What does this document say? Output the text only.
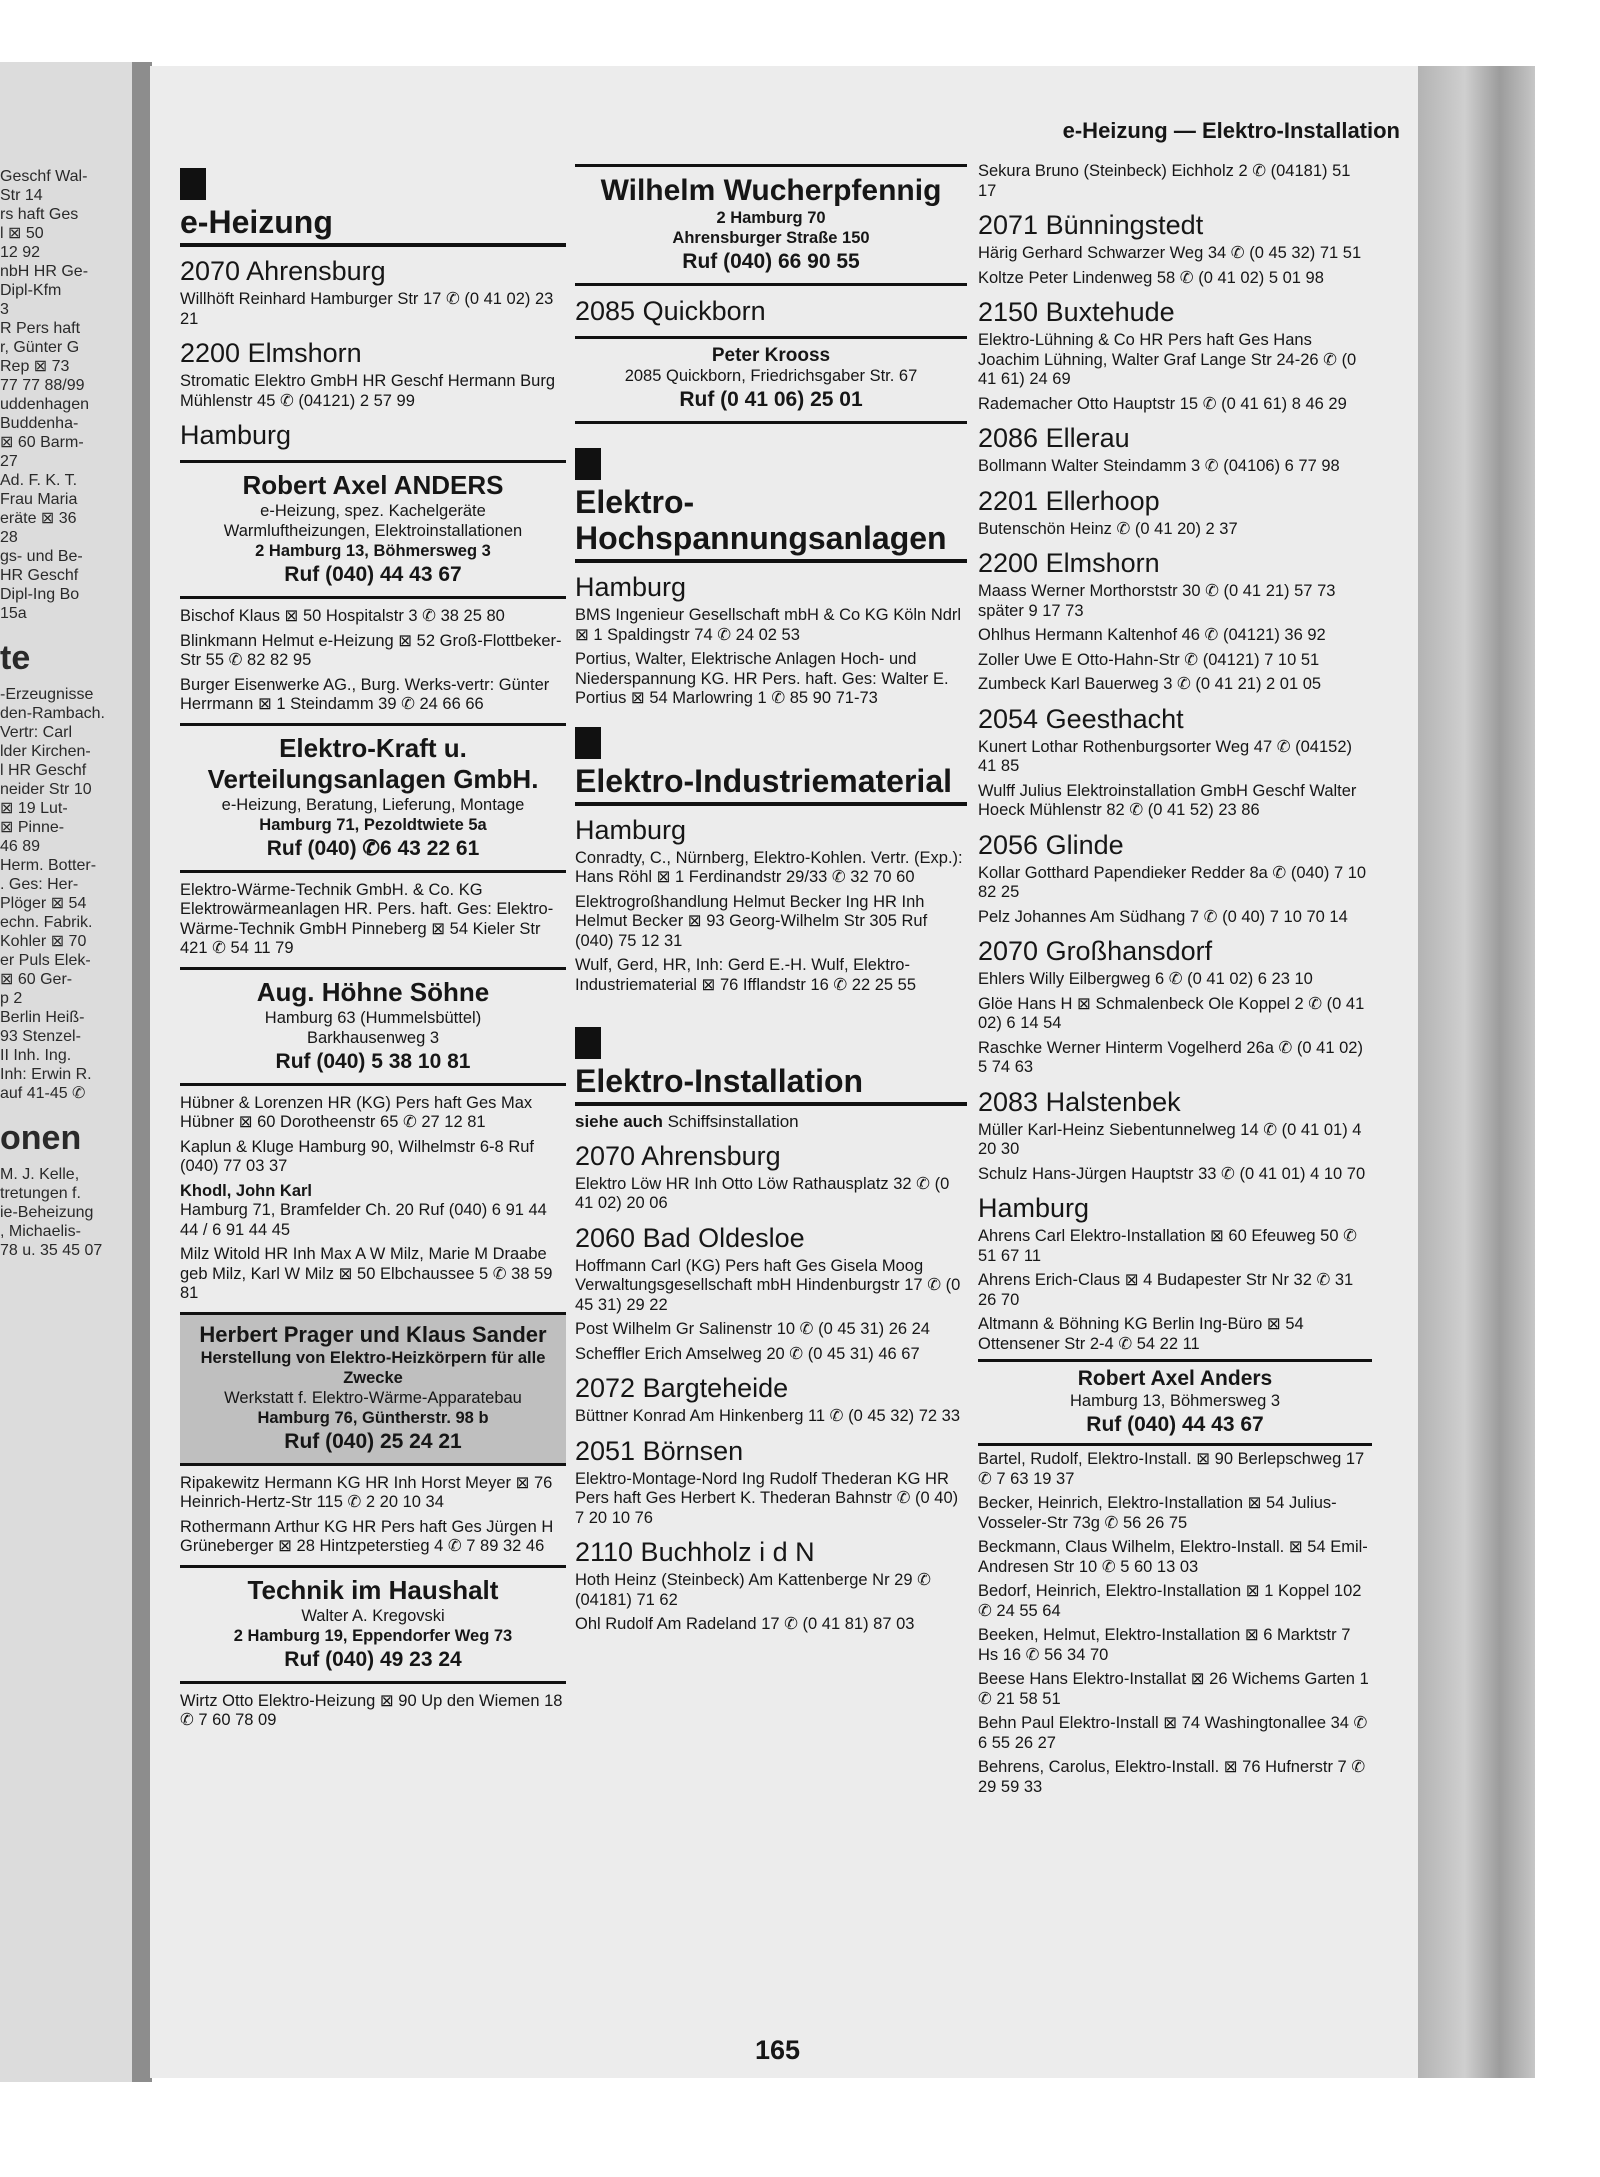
Geschf Wal-
Str 14
rs haft Ges
l ⊠ 50
12 92
nbH HR Ge-
Dipl-Kfm
3
R Pers haft
r, Günter G
Rep ⊠ 73
77 77 88/99
uddenhagen
Buddenha-
⊠ 60 Barm-
27
Ad. F. K. T.
Frau Maria
eräte ⊠ 36
28
gs- und Be-
HR Geschf
Dipl-Ing Bo
15a
te
-Erzeugnisse
den-Rambach.
Vertr: Carl
lder Kirchen-
l HR Geschf
neider Str 10
⊠ 19 Lut-
⊠ Pinne-
46 89
Herm. Botter-
. Ges: Her-
Plöger ⊠ 54
echn. Fabrik.
Kohler ⊠ 70
er Puls Elek-
⊠ 60 Ger-
p 2
Berlin Heiß-
93 Stenzel-
II Inh. Ing.
Inh: Erwin R.
auf 41-45 ✆
onen
M. J. Kelle,
tretungen f.
ie-Beheizung
, Michaelis-
78 u. 35 45 07
e-Heizung — Elektro-Installation
e-Heizung
2070 Ahrensburg
Willhöft Reinhard Hamburger Str 17 ✆ (0 41 02) 23 21
2200 Elmshorn
Stromatic Elektro GmbH HR Geschf Hermann Burg Mühlenstr 45 ✆ (04121) 2 57 99
Hamburg
Robert Axel ANDERS
e-Heizung, spez. Kachelgeräte
Warmluftheizungen, Elektroinstallationen
2 Hamburg 13, Böhmersweg 3
Ruf (040) 44 43 67
Bischof Klaus ⊠ 50 Hospitalstr 3 ✆ 38 25 80
Blinkmann Helmut e-Heizung ⊠ 52 Groß-Flottbeker-Str 55 ✆ 82 82 95
Burger Eisenwerke AG., Burg. Werks-vertr: Günter Herrmann ⊠ 1 Steindamm 39 ✆ 24 66 66
Elektro-Kraft u. Verteilungsanlagen GmbH.
e-Heizung, Beratung, Lieferung, Montage
Hamburg 71, Pezoldtwiete 5a
Ruf (040) ✆6 43 22 61
Elektro-Wärme-Technik GmbH. & Co. KG Elektrowärmeanlagen HR. Pers. haft. Ges: Elektro-Wärme-Technik GmbH Pinneberg ⊠ 54 Kieler Str 421 ✆ 54 11 79
Aug. Höhne Söhne
Hamburg 63 (Hummelsbüttel)
Barkhausenweg 3
Ruf (040) 5 38 10 81
Hübner & Lorenzen HR (KG) Pers haft Ges Max Hübner ⊠ 60 Dorotheenstr 65 ✆ 27 12 81
Kaplun & Kluge Hamburg 90, Wilhelmstr 6-8 Ruf (040) 77 03 37
Khodl, John Karl
Hamburg 71, Bramfelder Ch. 20 Ruf (040) 6 91 44 44 / 6 91 44 45
Milz Witold HR Inh Max A W Milz, Marie M Draabe geb Milz, Karl W Milz ⊠ 50 Elbchaussee 5 ✆ 38 59 81
Herbert Prager und Klaus Sander
Herstellung von Elektro-Heizkörpern für alle Zwecke
Werkstatt f. Elektro-Wärme-Apparatebau
Hamburg 76, Güntherstr. 98 b
Ruf (040) 25 24 21
Ripakewitz Hermann KG HR Inh Horst Meyer ⊠ 76 Heinrich-Hertz-Str 115 ✆ 2 20 10 34
Rothermann Arthur KG HR Pers haft Ges Jürgen H Grüneberger ⊠ 28 Hintzpeterstieg 4 ✆ 7 89 32 46
Technik im Haushalt
Walter A. Kregovski
2 Hamburg 19, Eppendorfer Weg 73
Ruf (040) 49 23 24
Wirtz Otto Elektro-Heizung ⊠ 90 Up den Wiemen 18 ✆ 7 60 78 09
Wilhelm Wucherpfennig
2 Hamburg 70
Ahrensburger Straße 150
Ruf (040) 66 90 55
2085 Quickborn
Peter Krooss
2085 Quickborn, Friedrichsgaber Str. 67
Ruf (0 41 06) 25 01
Elektro-Hochspannungsanlagen
Hamburg
BMS Ingenieur Gesellschaft mbH & Co KG Köln Ndrl ⊠ 1 Spaldingstr 74 ✆ 24 02 53
Portius, Walter, Elektrische Anlagen Hoch- und Niederspannung KG. HR Pers. haft. Ges: Walter E. Portius ⊠ 54 Marlowring 1 ✆ 85 90 71-73
Elektro-Industriematerial
Hamburg
Conradty, C., Nürnberg, Elektro-Kohlen. Vertr. (Exp.): Hans Röhl ⊠ 1 Ferdinandstr 29/33 ✆ 32 70 60
Elektrogroßhandlung Helmut Becker Ing HR Inh Helmut Becker ⊠ 93 Georg-Wilhelm Str 305 Ruf (040) 75 12 31
Wulf, Gerd, HR, Inh: Gerd E.-H. Wulf, Elektro-Industriematerial ⊠ 76 Ifflandstr 16 ✆ 22 25 55
Elektro-Installation
siehe auch Schiffsinstallation
2070 Ahrensburg
Elektro Löw HR Inh Otto Löw Rathausplatz 32 ✆ (0 41 02) 20 06
2060 Bad Oldesloe
Hoffmann Carl (KG) Pers haft Ges Gisela Moog Verwaltungsgesellschaft mbH Hindenburgstr 17 ✆ (0 45 31) 29 22
Post Wilhelm Gr Salinenstr 10 ✆ (0 45 31) 26 24
Scheffler Erich Amselweg 20 ✆ (0 45 31) 46 67
2072 Bargteheide
Büttner Konrad Am Hinkenberg 11 ✆ (0 45 32) 72 33
2051 Börnsen
Elektro-Montage-Nord Ing Rudolf Thederan KG HR Pers haft Ges Herbert K. Thederan Bahnstr ✆ (0 40) 7 20 10 76
2110 Buchholz i d N
Hoth Heinz (Steinbeck) Am Kattenberge Nr 29 ✆ (04181) 71 62
Ohl Rudolf Am Radeland 17 ✆ (0 41 81) 87 03
Sekura Bruno (Steinbeck) Eichholz 2 ✆ (04181) 51 17
2071 Bünningstedt
Härig Gerhard Schwarzer Weg 34 ✆ (0 45 32) 71 51
Koltze Peter Lindenweg 58 ✆ (0 41 02) 5 01 98
2150 Buxtehude
Elektro-Lühning & Co HR Pers haft Ges Hans Joachim Lühning, Walter Graf Lange Str 24-26 ✆ (0 41 61) 24 69
Rademacher Otto Hauptstr 15 ✆ (0 41 61) 8 46 29
2086 Ellerau
Bollmann Walter Steindamm 3 ✆ (04106) 6 77 98
2201 Ellerhoop
Butenschön Heinz ✆ (0 41 20) 2 37
2200 Elmshorn
Maass Werner Morthorststr 30 ✆ (0 41 21) 57 73 später 9 17 73
Ohlhus Hermann Kaltenhof 46 ✆ (04121) 36 92
Zoller Uwe E Otto-Hahn-Str ✆ (04121) 7 10 51
Zumbeck Karl Bauerweg 3 ✆ (0 41 21) 2 01 05
2054 Geesthacht
Kunert Lothar Rothenburgsorter Weg 47 ✆ (04152) 41 85
Wulff Julius Elektroinstallation GmbH Geschf Walter Hoeck Mühlenstr 82 ✆ (0 41 52) 23 86
2056 Glinde
Kollar Gotthard Papendieker Redder 8a ✆ (040) 7 10 82 25
Pelz Johannes Am Südhang 7 ✆ (0 40) 7 10 70 14
2070 Großhansdorf
Ehlers Willy Eilbergweg 6 ✆ (0 41 02) 6 23 10
Glöe Hans H ⊠ Schmalenbeck Ole Koppel 2 ✆ (0 41 02) 6 14 54
Raschke Werner Hinterm Vogelherd 26a ✆ (0 41 02) 5 74 63
2083 Halstenbek
Müller Karl-Heinz Siebentunnelweg 14 ✆ (0 41 01) 4 20 30
Schulz Hans-Jürgen Hauptstr 33 ✆ (0 41 01) 4 10 70
Hamburg
Ahrens Carl Elektro-Installation ⊠ 60 Efeuweg 50 ✆ 51 67 11
Ahrens Erich-Claus ⊠ 4 Budapester Str Nr 32 ✆ 31 26 70
Altmann & Böhning KG Berlin Ing-Büro ⊠ 54 Ottensener Str 2-4 ✆ 54 22 11
Robert Axel Anders
Hamburg 13, Böhmersweg 3
Ruf (040) 44 43 67
Bartel, Rudolf, Elektro-Install. ⊠ 90 Berlepschweg 17 ✆ 7 63 19 37
Becker, Heinrich, Elektro-Installation ⊠ 54 Julius-Vosseler-Str 73g ✆ 56 26 75
Beckmann, Claus Wilhelm, Elektro-Install. ⊠ 54 Emil-Andresen Str 10 ✆ 5 60 13 03
Bedorf, Heinrich, Elektro-Installation ⊠ 1 Koppel 102 ✆ 24 55 64
Beeken, Helmut, Elektro-Installation ⊠ 6 Marktstr 7 Hs 16 ✆ 56 34 70
Beese Hans Elektro-Installat ⊠ 26 Wichems Garten 1 ✆ 21 58 51
Behn Paul Elektro-Install ⊠ 74 Washingtonallee 34 ✆ 6 55 26 27
Behrens, Carolus, Elektro-Install. ⊠ 76 Hufnerstr 7 ✆ 29 59 33
165
